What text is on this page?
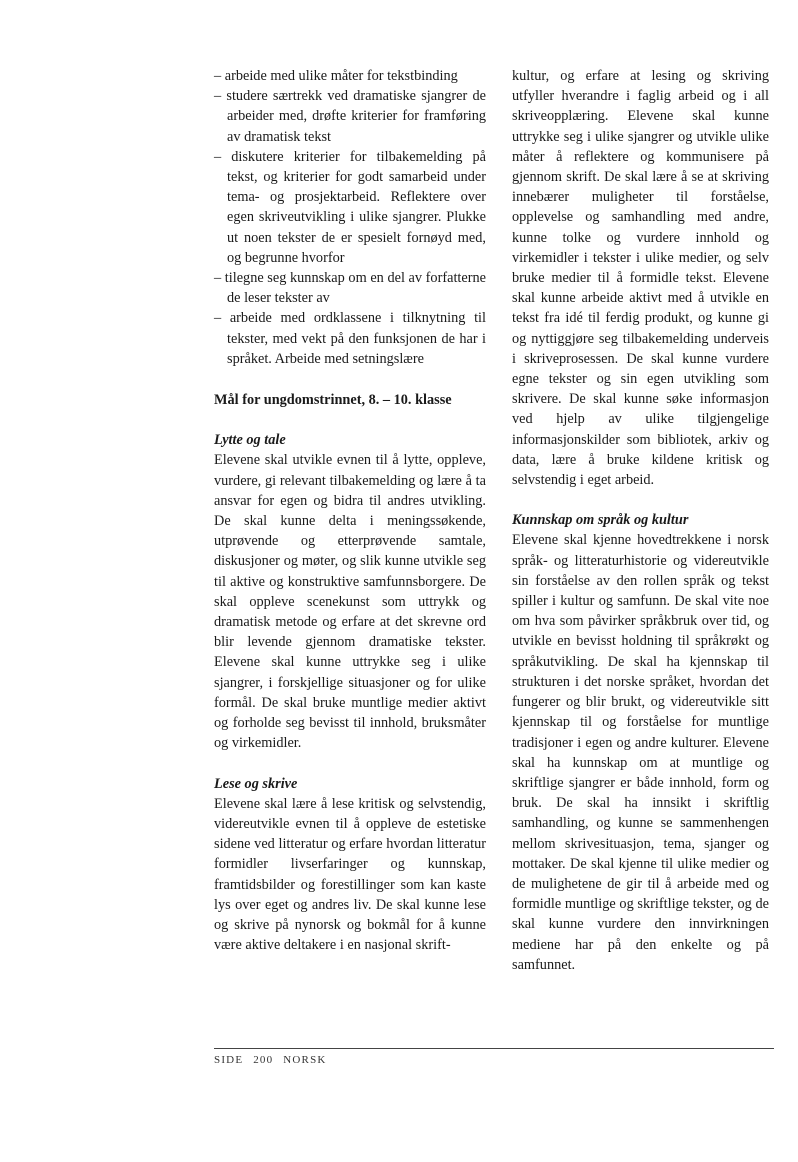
– arbeide med ulike måter for tekstbinding

– studere særtrekk ved dramatiske sjangrer de arbeider med, drøfte kriterier for framføring av dramatisk tekst

– diskutere kriterier for tilbakemelding på tekst, og kriterier for godt samarbeid under tema- og prosjektarbeid. Reflektere over egen skriveutvikling i ulike sjangrer. Plukke ut noen tekster de er spesielt fornøyd med, og begrunne hvorfor

– tilegne seg kunnskap om en del av forfatterne de leser tekster av

– arbeide med ordklassene i tilknytning til tekster, med vekt på den funksjonen de har i språket. Arbeide med setningslære

Mål for ungdomstrinnet, 8. – 10. klasse

Lytte og tale

Elevene skal utvikle evnen til å lytte, oppleve, vurdere, gi relevant tilbakemelding og lære å ta ansvar for egen og bidra til andres utvikling. De skal kunne delta i meningssøkende, utprøvende og etterprøvende samtale, diskusjoner og møter, og slik kunne utvikle seg til aktive og konstruktive samfunnsborgere. De skal oppleve scenekunst som uttrykk og dramatisk metode og erfare at det skrevne ord blir levende gjennom dramatiske tekster. Elevene skal kunne uttrykke seg i ulike sjangrer, i forskjellige situasjoner og for ulike formål. De skal bruke muntlige medier aktivt og forholde seg bevisst til innhold, bruksmåter og virkemidler.

Lese og skrive

Elevene skal lære å lese kritisk og selvstendig, videreutvikle evnen til å oppleve de estetiske sidene ved litteratur og erfare hvordan litteratur formidler livserfaringer og kunnskap, framtidsbilder og forestillinger som kan kaste lys over eget og andres liv. De skal kunne lese og skrive på nynorsk og bokmål for å kunne være aktive deltakere i en nasjonal skrift-

kultur, og erfare at lesing og skriving utfyller hverandre i faglig arbeid og i all skriveopplæring. Elevene skal kunne uttrykke seg i ulike sjangrer og utvikle ulike måter å reflektere og kommunisere på gjennom skrift. De skal lære å se at skriving innebærer muligheter til forståelse, opplevelse og samhandling med andre, kunne tolke og vurdere innhold og virkemidler i tekster i ulike medier, og selv bruke medier til å formidle tekst. Elevene skal kunne arbeide aktivt med å utvikle en tekst fra idé til ferdig produkt, og kunne gi og nyttiggjøre seg tilbakemelding underveis i skriveprosessen. De skal kunne vurdere egne tekster og sin egen utvikling som skrivere. De skal kunne søke informasjon ved hjelp av ulike tilgjengelige informasjonskilder som bibliotek, arkiv og data, lære å bruke kildene kritisk og selvstendig i eget arbeid.

Kunnskap om språk og kultur

Elevene skal kjenne hovedtrekkene i norsk språk- og litteraturhistorie og videreutvikle sin forståelse av den rollen språk og tekst spiller i kultur og samfunn. De skal vite noe om hva som påvirker språkbruk over tid, og utvikle en bevisst holdning til språkrøkt og språkutvikling. De skal ha kjennskap til strukturen i det norske språket, hvordan det fungerer og blir brukt, og videreutvikle sitt kjennskap til og forståelse for muntlige tradisjoner i egen og andre kulturer. Elevene skal ha kunnskap om at muntlige og skriftlige sjangrer er både innhold, form og bruk. De skal ha innsikt i skriftlig samhandling, og kunne se sammenhengen mellom skrivesituasjon, tema, sjanger og mottaker. De skal kjenne til ulike medier og de mulighetene de gir til å arbeide med og formidle muntlige og skriftlige tekster, og de skal kunne vurdere den innvirkningen mediene har på den enkelte og på samfunnet.

SIDE 200 NORSK
